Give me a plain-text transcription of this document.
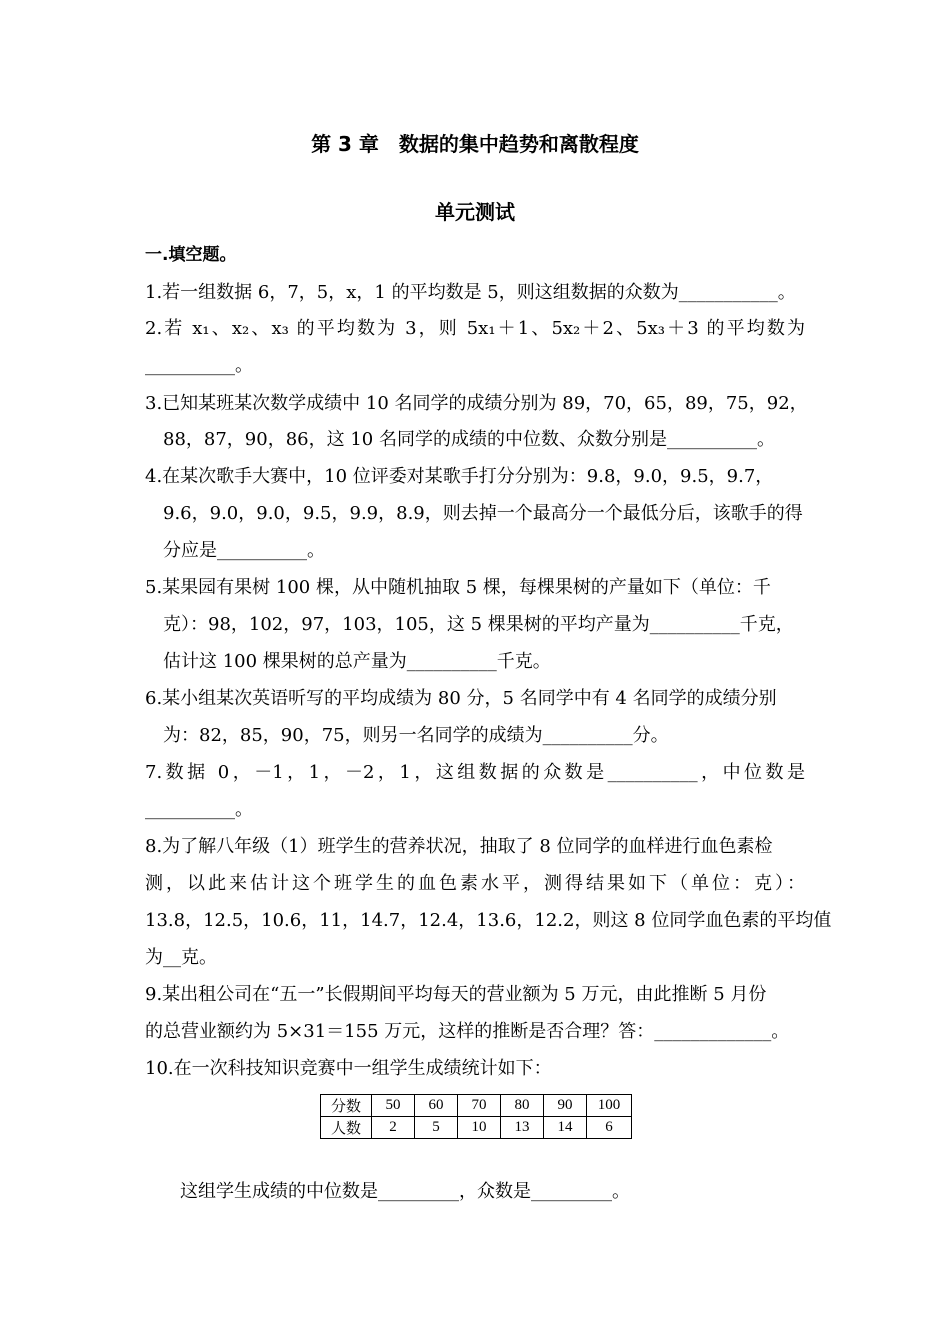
第 3 章　数据的集中趋势和离散程度
单元测试
一.填空题。
1.若一组数据 6，7，5，x，1 的平均数是 5，则这组数据的众数为___________。
2.若 x₁、x₂、x₃ 的平均数为 3，则 5x₁＋1、5x₂＋2、5x₃＋3 的平均数为
__________。
3.已知某班某次数学成绩中 10 名同学的成绩分别为 89，70，65，89，75，92，
88，87，90，86，这 10 名同学的成绩的中位数、众数分别是__________。
4.在某次歌手大赛中，10 位评委对某歌手打分分别为：9.8，9.0，9.5，9.7，
9.6，9.0，9.0，9.5，9.9，8.9，则去掉一个最高分一个最低分后，该歌手的得
分应是__________。
5.某果园有果树 100 棵，从中随机抽取 5 棵，每棵果树的产量如下（单位：千
克）：98，102，97，103，105，这 5 棵果树的平均产量为__________千克，
估计这 100 棵果树的总产量为__________千克。
6.某小组某次英语听写的平均成绩为 80 分，5 名同学中有 4 名同学的成绩分别
为：82，85，90，75，则另一名同学的成绩为__________分。
7.数据 0，－1，1，－2，1，这组数据的众数是__________，中位数是
__________。
8.为了解八年级（1）班学生的营养状况，抽取了 8 位同学的血样进行血色素检
测，以此来估计这个班学生的血色素水平，测得结果如下（单位：克）：
13.8，12.5，10.6，11，14.7，12.4，13.6，12.2，则这 8 位同学血色素的平均值
为__克。
9.某出租公司在“五一”长假期间平均每天的营业额为 5 万元，由此推断 5 月份
的总营业额约为 5×31＝155 万元，这样的推断是否合理？答：_____________。
10.在一次科技知识竞赛中一组学生成绩统计如下：
分数	50	60	70	80	90	100
人数	2	5	10	13	14	6
这组学生成绩的中位数是_________，众数是_________。
